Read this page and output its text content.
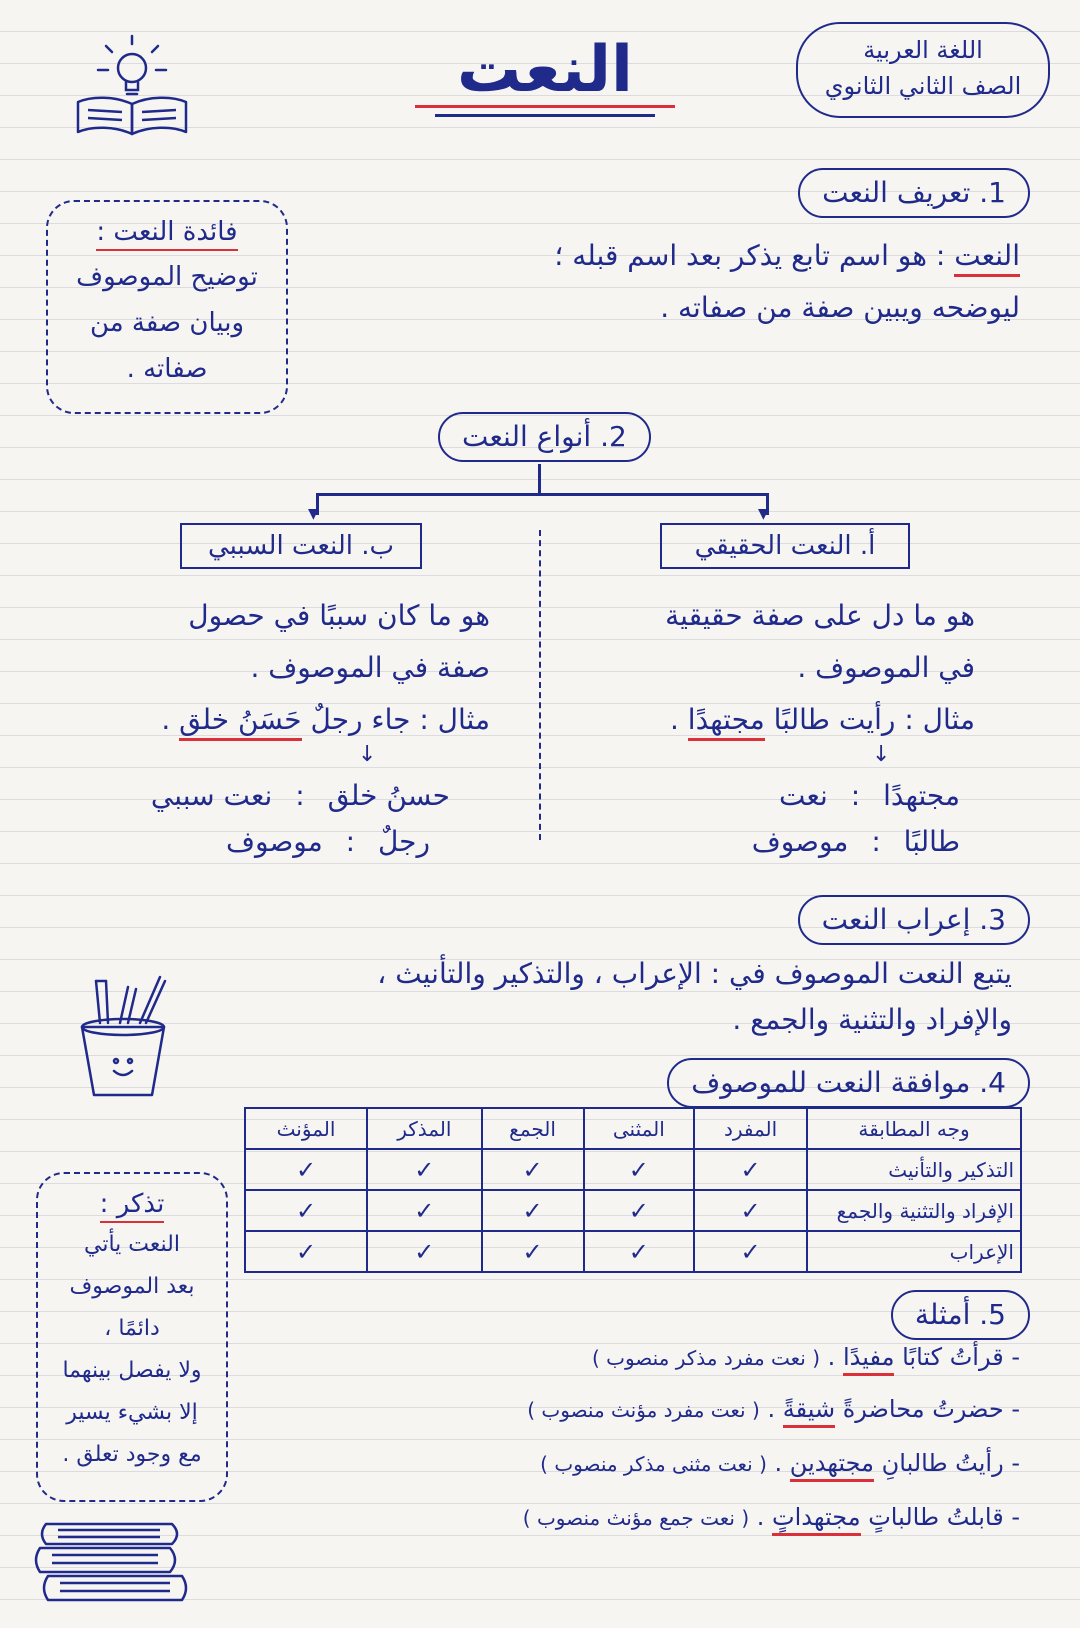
النعت	اللغة العربية
الصف الثاني الثانوي
1. تعريف النعت
النعت : هو اسم تابع يذكر بعد اسم قبله ؛
ليوضحه ويبين صفة من صفاته .
فائدة النعت :
توضيح الموصوف
وبيان صفة من
صفاته .
2. أنواع النعت
▼	▼
أ. النعت الحقيقي
هو ما دل على صفة حقيقية
في الموصوف .
مثال : رأيت طالبًا مجتهدًا .
↓
مجتهدًا : نعت
طالبًا : موصوف
ب. النعت السببي
هو ما كان سببًا في حصول
صفة في الموصوف .
مثال : جاء رجلٌ حَسَنُ خلق .
↓
حسنُ خلق : نعت سببي
رجلٌ : موصوف
3. إعراب النعت
يتبع النعت الموصوف في : الإعراب ، والتذكير والتأنيث ،
والإفراد والتثنية والجمع .
4. موافقة النعت للموصوف
وجه المطابقة	المفرد	المثنى	الجمع	المذكر	المؤنث
التذكير والتأنيث	✓	✓	✓	✓	✓
الإفراد والتثنية والجمع	✓	✓	✓	✓	✓
الإعراب	✓	✓	✓	✓	✓
تذكر :
النعت يأتي
بعد الموصوف
دائمًا ،
ولا يفصل بينهما
إلا بشيء يسير
مع وجود تعلق .
5. أمثلة
- قرأتُ كتابًا مفيدًا . ( نعت مفرد مذكر منصوب )
- حضرتُ محاضرةً شيقةً . ( نعت مفرد مؤنث منصوب )
- رأيتُ طالبانِ مجتهدين . ( نعت مثنى مذكر منصوب )
- قابلتُ طالباتٍ مجتهداتٍ . ( نعت جمع مؤنث منصوب )
